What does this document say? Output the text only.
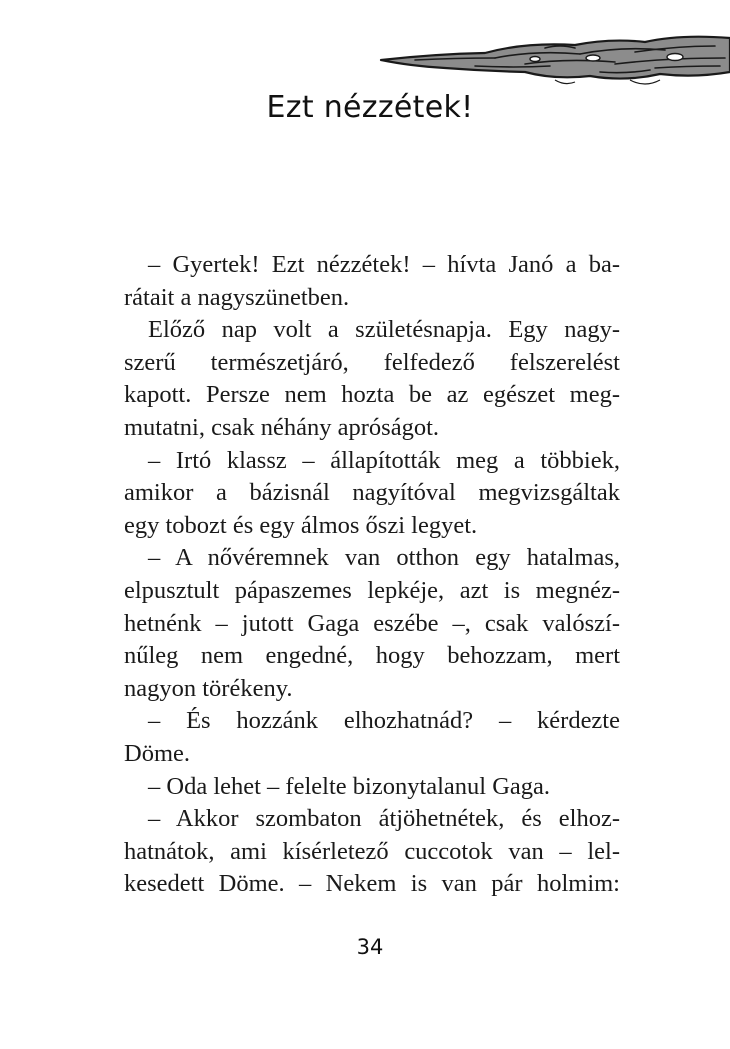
Ezt nézzétek!
– Gyertek! Ezt nézzétek! – hívta Janó a ba-
rátait a nagyszünetben.
Előző nap volt a születésnapja. Egy nagy-
szerű természetjáró, felfedező felszerelést
kapott. Persze nem hozta be az egészet meg-
mutatni, csak néhány apróságot.
– Irtó klassz – állapították meg a többiek,
amikor a bázisnál nagyítóval megvizsgáltak
egy tobozt és egy álmos őszi legyet.
– A nővéremnek van otthon egy hatalmas,
elpusztult pápaszemes lepkéje, azt is megnéz-
hetnénk – jutott Gaga eszébe –, csak valószí-
nűleg nem engedné, hogy behozzam, mert
nagyon törékeny.
– És hozzánk elhozhatnád? – kérdezte
Döme.
– Oda lehet – felelte bizonytalanul Gaga.
– Akkor szombaton átjöhetnétek, és elhoz-
hatnátok, ami kísérletező cuccotok van – lel-
kesedett Döme. – Nekem is van pár holmim:
34
